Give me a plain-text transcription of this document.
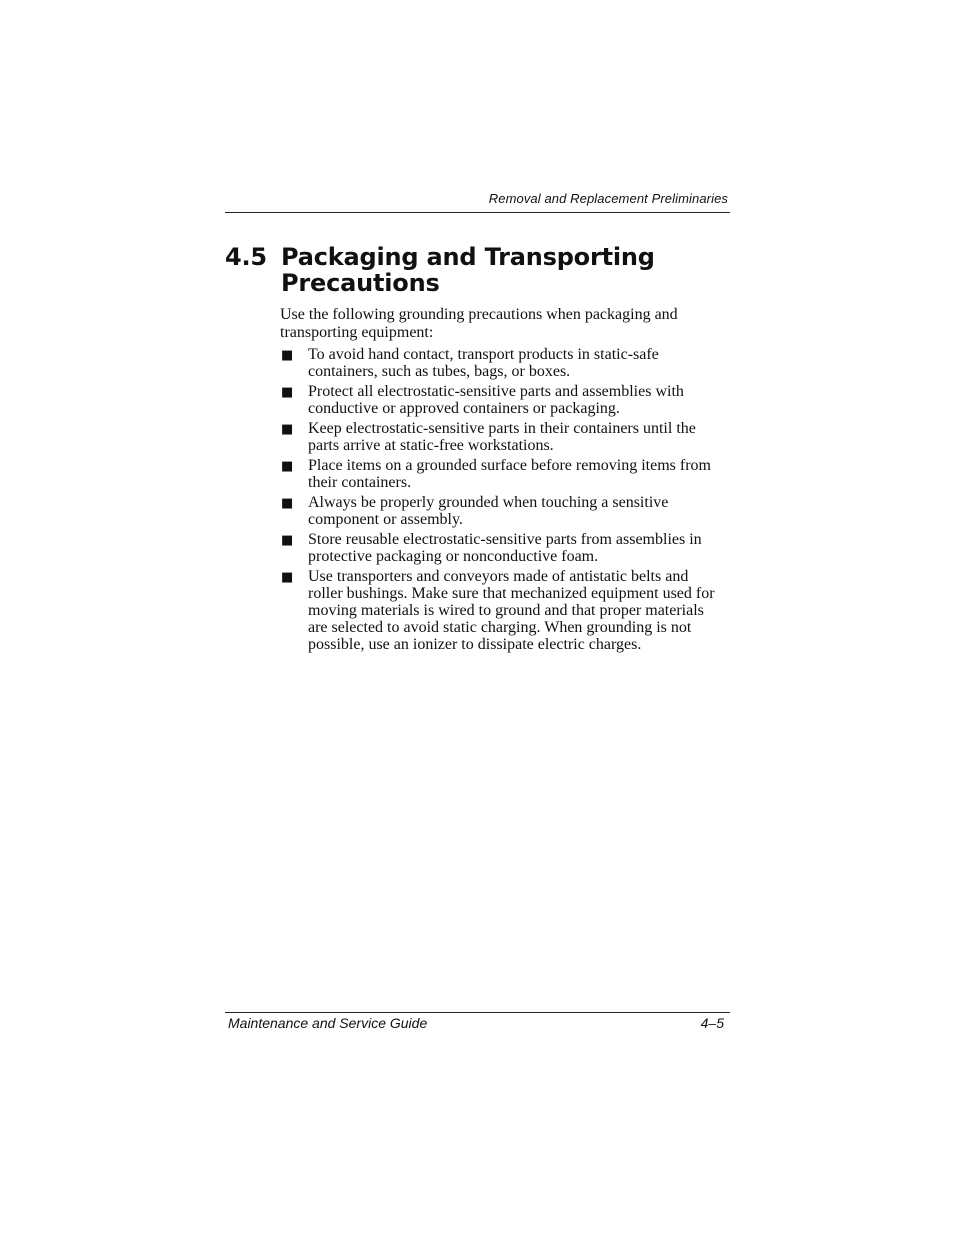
Removal and Replacement Preliminaries
4.5 Packaging and Transporting Precautions

Use the following grounding precautions when packaging and transporting equipment:

■ To avoid hand contact, transport products in static-safe containers, such as tubes, bags, or boxes.
■ Protect all electrostatic-sensitive parts and assemblies with conductive or approved containers or packaging.
■ Keep electrostatic-sensitive parts in their containers until the parts arrive at static-free workstations.
■ Place items on a grounded surface before removing items from their containers.
■ Always be properly grounded when touching a sensitive component or assembly.
■ Store reusable electrostatic-sensitive parts from assemblies in protective packaging or nonconductive foam.
■ Use transporters and conveyors made of antistatic belts and roller bushings. Make sure that mechanized equipment used for moving materials is wired to ground and that proper materials are selected to avoid static charging. When grounding is not possible, use an ionizer to dissipate electric charges.
Maintenance and Service Guide	4–5
